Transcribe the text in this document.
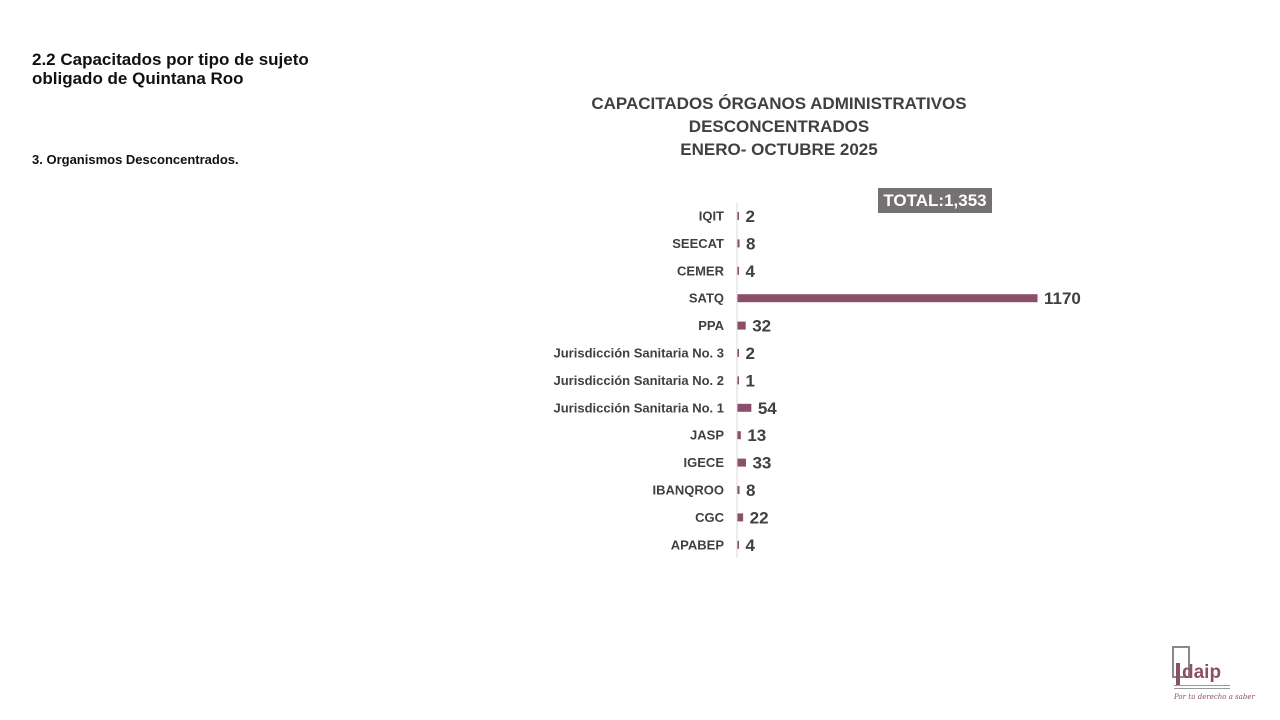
2.2 Capacitados por tipo de sujeto obligado de Quintana Roo
3. Organismos Desconcentrados.
CAPACITADOS ÓRGANOS ADMINISTRATIVOS
DESCONCENTRADOS
ENERO- OCTUBRE 2025
IQIT 2
SEECAT 8
CEMER 4
SATQ	1170
PPA 32
Jurisdicción Sanitaria No. 3 2
Jurisdicción Sanitaria No. 2 1
Jurisdicción Sanitaria No. 1 54
JASP 13
IGECE 33
IBANQROO 8
CGC 22
APABEP 4
TOTAL:1,353
daip
Por tu derecho a saber
